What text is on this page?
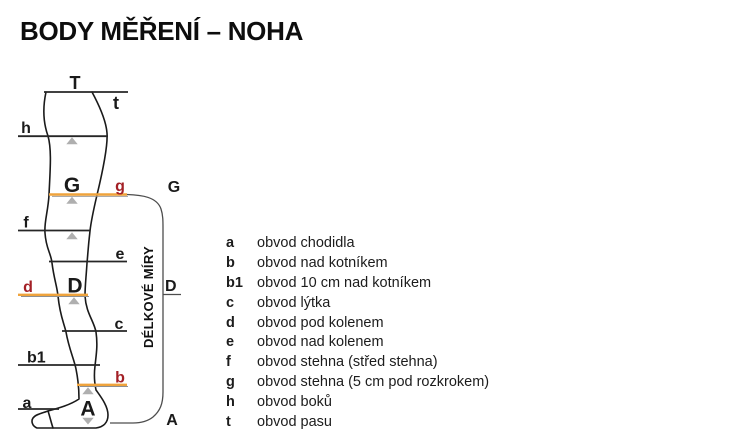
BODY MĚŘENÍ – NOHA
T
t
h
G g
f
e
d D
c
b1
b
a A
G
D
A
DÉLKOVÉ MÍRY
a	obvod chodidla
b	obvod nad kotníkem
b1 obvod 10 cm nad kotníkem
c	obvod lýtka
d	obvod pod kolenem
e	obvod nad kolenem
f	obvod stehna (střed stehna)
g	obvod stehna (5 cm pod rozkrokem)
h	obvod boků
t	obvod pasu
